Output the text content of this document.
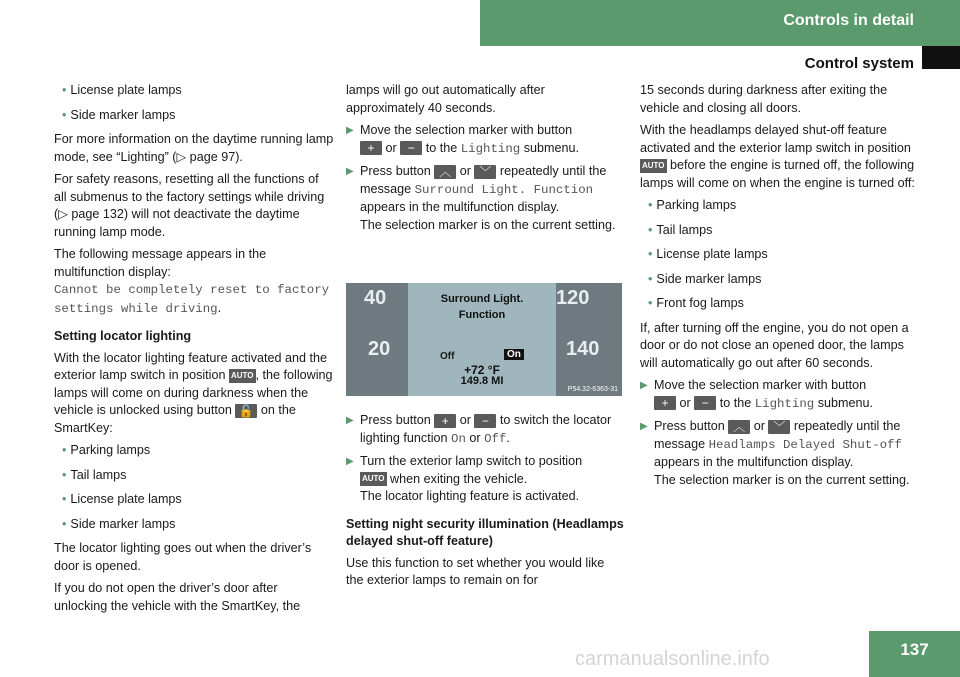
Controls in detail
Control system
• License plate lamps
• Side marker lamps

For more information on the daytime running lamp mode, see “Lighting” (▷ page 97).

For safety reasons, resetting all the functions of all submenus to the factory settings while driving (▷ page 132) will not deactivate the daytime running lamp mode.

The following message appears in the multifunction display:
Cannot be completely reset to factory settings while driving.

Setting locator lighting

With the locator lighting feature activated and the exterior lamp switch in position AUTO , the following lamps will come on during darkness when the vehicle is unlocked using button 🔓 on the SmartKey:

• Parking lamps
• Tail lamps
• License plate lamps
• Side marker lamps

The locator lighting goes out when the driver’s door is opened.

If you do not open the driver’s door after unlocking the vehicle with the SmartKey, the

lamps will go out automatically after approximately 40 seconds.

▶ Move the selection marker with button
+ or − to the Lighting submenu.
▶ Press button ︿ or ﹀ repeatedly until the message Surround Light. Function appears in the multifunction display.
The selection marker is on the current setting.
40
20
120
140
Surround Light.
Function
Off	On
+72 °F
149.8 MI
P54.32-6363-31
▶ Press button + or − to switch the locator lighting function On or Off.
▶ Turn the exterior lamp switch to position
AUTO when exiting the vehicle.
The locator lighting feature is activated.
Setting night security illumination (Headlamps delayed shut-off feature)

Use this function to set whether you would like the exterior lamps to remain on for

15 seconds during darkness after exiting the vehicle and closing all doors.

With the headlamps delayed shut-off feature activated and the exterior lamp switch in position AUTO before the engine is turned off, the following lamps will come on when the engine is turned off:

• Parking lamps
• Tail lamps
• License plate lamps
• Side marker lamps
• Front fog lamps

If, after turning off the engine, you do not open a door or do not close an opened door, the lamps will automatically go out after 60 seconds.

▶ Move the selection marker with button
+ or − to the Lighting submenu.
▶ Press button ︿ or ﹀ repeatedly until the message Headlamps Delayed Shut-off appears in the multifunction display.
The selection marker is on the current setting.
carmanualsonline.info	137
